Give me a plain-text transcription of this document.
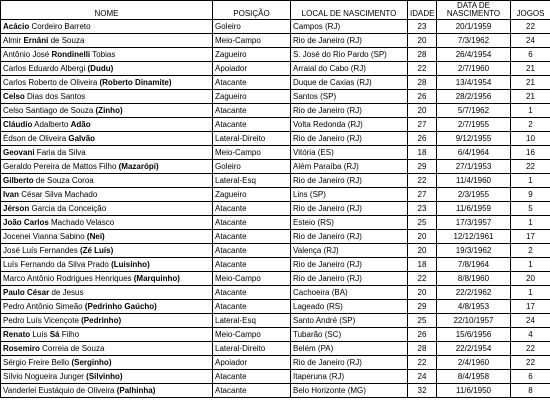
NOME	POSIÇÃO	LOCAL DE NASCIMENTO	IDADE	DATA DE NASCIMENTO	JOGOS
Acácio Cordeiro Barreto	Goleiro	Campos (RJ)	23	20/1/1959	22
Almir Ernâni de Souza	Meio-Campo	Rio de Janeiro (RJ)	20	7/3/1962	24
Antônio José Rondinelli Tobias	Zagueiro	S. José do Rio Pardo (SP)	28	26/4/1954	6
Carlos Eduardo Albergi (Dudu)	Apoiador	Arraial do Cabo (RJ)	22	2/7/1960	21
Carlos Roberto de Oliveira (Roberto Dinamite)	Atacante	Duque de Caxias (RJ)	28	13/4/1954	21
Celso Dias dos Santos	Zagueiro	Santos (SP)	26	28/2/1956	21
Celso Santiago de Souza (Zinho)	Atacante	Rio de Janeiro (RJ)	20	5/7/1962	1
Cláudio Adalberto Adão	Atacante	Volta Redonda (RJ)	27	2/7/1955	2
Édson de Oliveira Galvão	Lateral-Direito	Rio de Janeiro (RJ)	26	9/12/1955	10
Geovani Faria da Silva	Meio-Campo	Vitória (ES)	18	6/4/1964	16
Geraldo Pereira de Mattos Filho (Mazarópi)	Goleiro	Além Paraíba (RJ)	29	27/1/1953	22
Gilberto de Souza Coroa	Lateral-Esq	Rio de Janeiro (RJ)	22	11/4/1960	1
Ivan César Silva Machado	Zagueiro	Lins (SP)	27	2/3/1955	9
Jérson Garcia da Conceição	Atacante	Rio de Janeiro (RJ)	23	11/6/1959	5
João Carlos Machado Velasco	Atacante	Esteio (RS)	25	17/3/1957	1
Jocenei Vianna Sabino (Nei)	Atacante	Rio de Janeiro (RJ)	20	12/12/1961	17
José Luís Fernandes (Zé Luís)	Atacante	Valença (RJ)	20	19/3/1962	2
Luís Fernando da Silva Prado (Luisinho)	Atacante	Rio de Janeiro (RJ)	18	7/8/1964	1
Marco Antônio Rodrigues Henriques (Marquinho)	Meio-Campo	Rio de Janeiro (RJ)	22	8/8/1960	20
Paulo César de Jesus	Atacante	Cachoeira (BA)	20	22/2/1962	1
Pedro Antônio Simeão (Pedrinho Gaúcho)	Atacante	Lageado (RS)	29	4/8/1953	17
Pedro Luís Vicençote (Pedrinho)	Lateral-Esq	Santo André (SP)	25	22/10/1957	24
Renato Luís Sá Filho	Meio-Campo	Tubarão (SC)	26	15/6/1956	4
Rosemiro Correia de Souza	Lateral-Direito	Belém (PA)	28	22/2/1954	22
Sérgio Freire Bello (Serginho)	Apoiador	Rio de Janeiro (RJ)	22	2/4/1960	22
Sílvio Nogueira Junger (Silvinho)	Atacante	Itaperuna (RJ)	24	8/4/1958	6
Vanderlei Eustáquio de Oliveira (Palhinha)	Atacante	Belo Horizonte (MG)	32	11/6/1950	8
